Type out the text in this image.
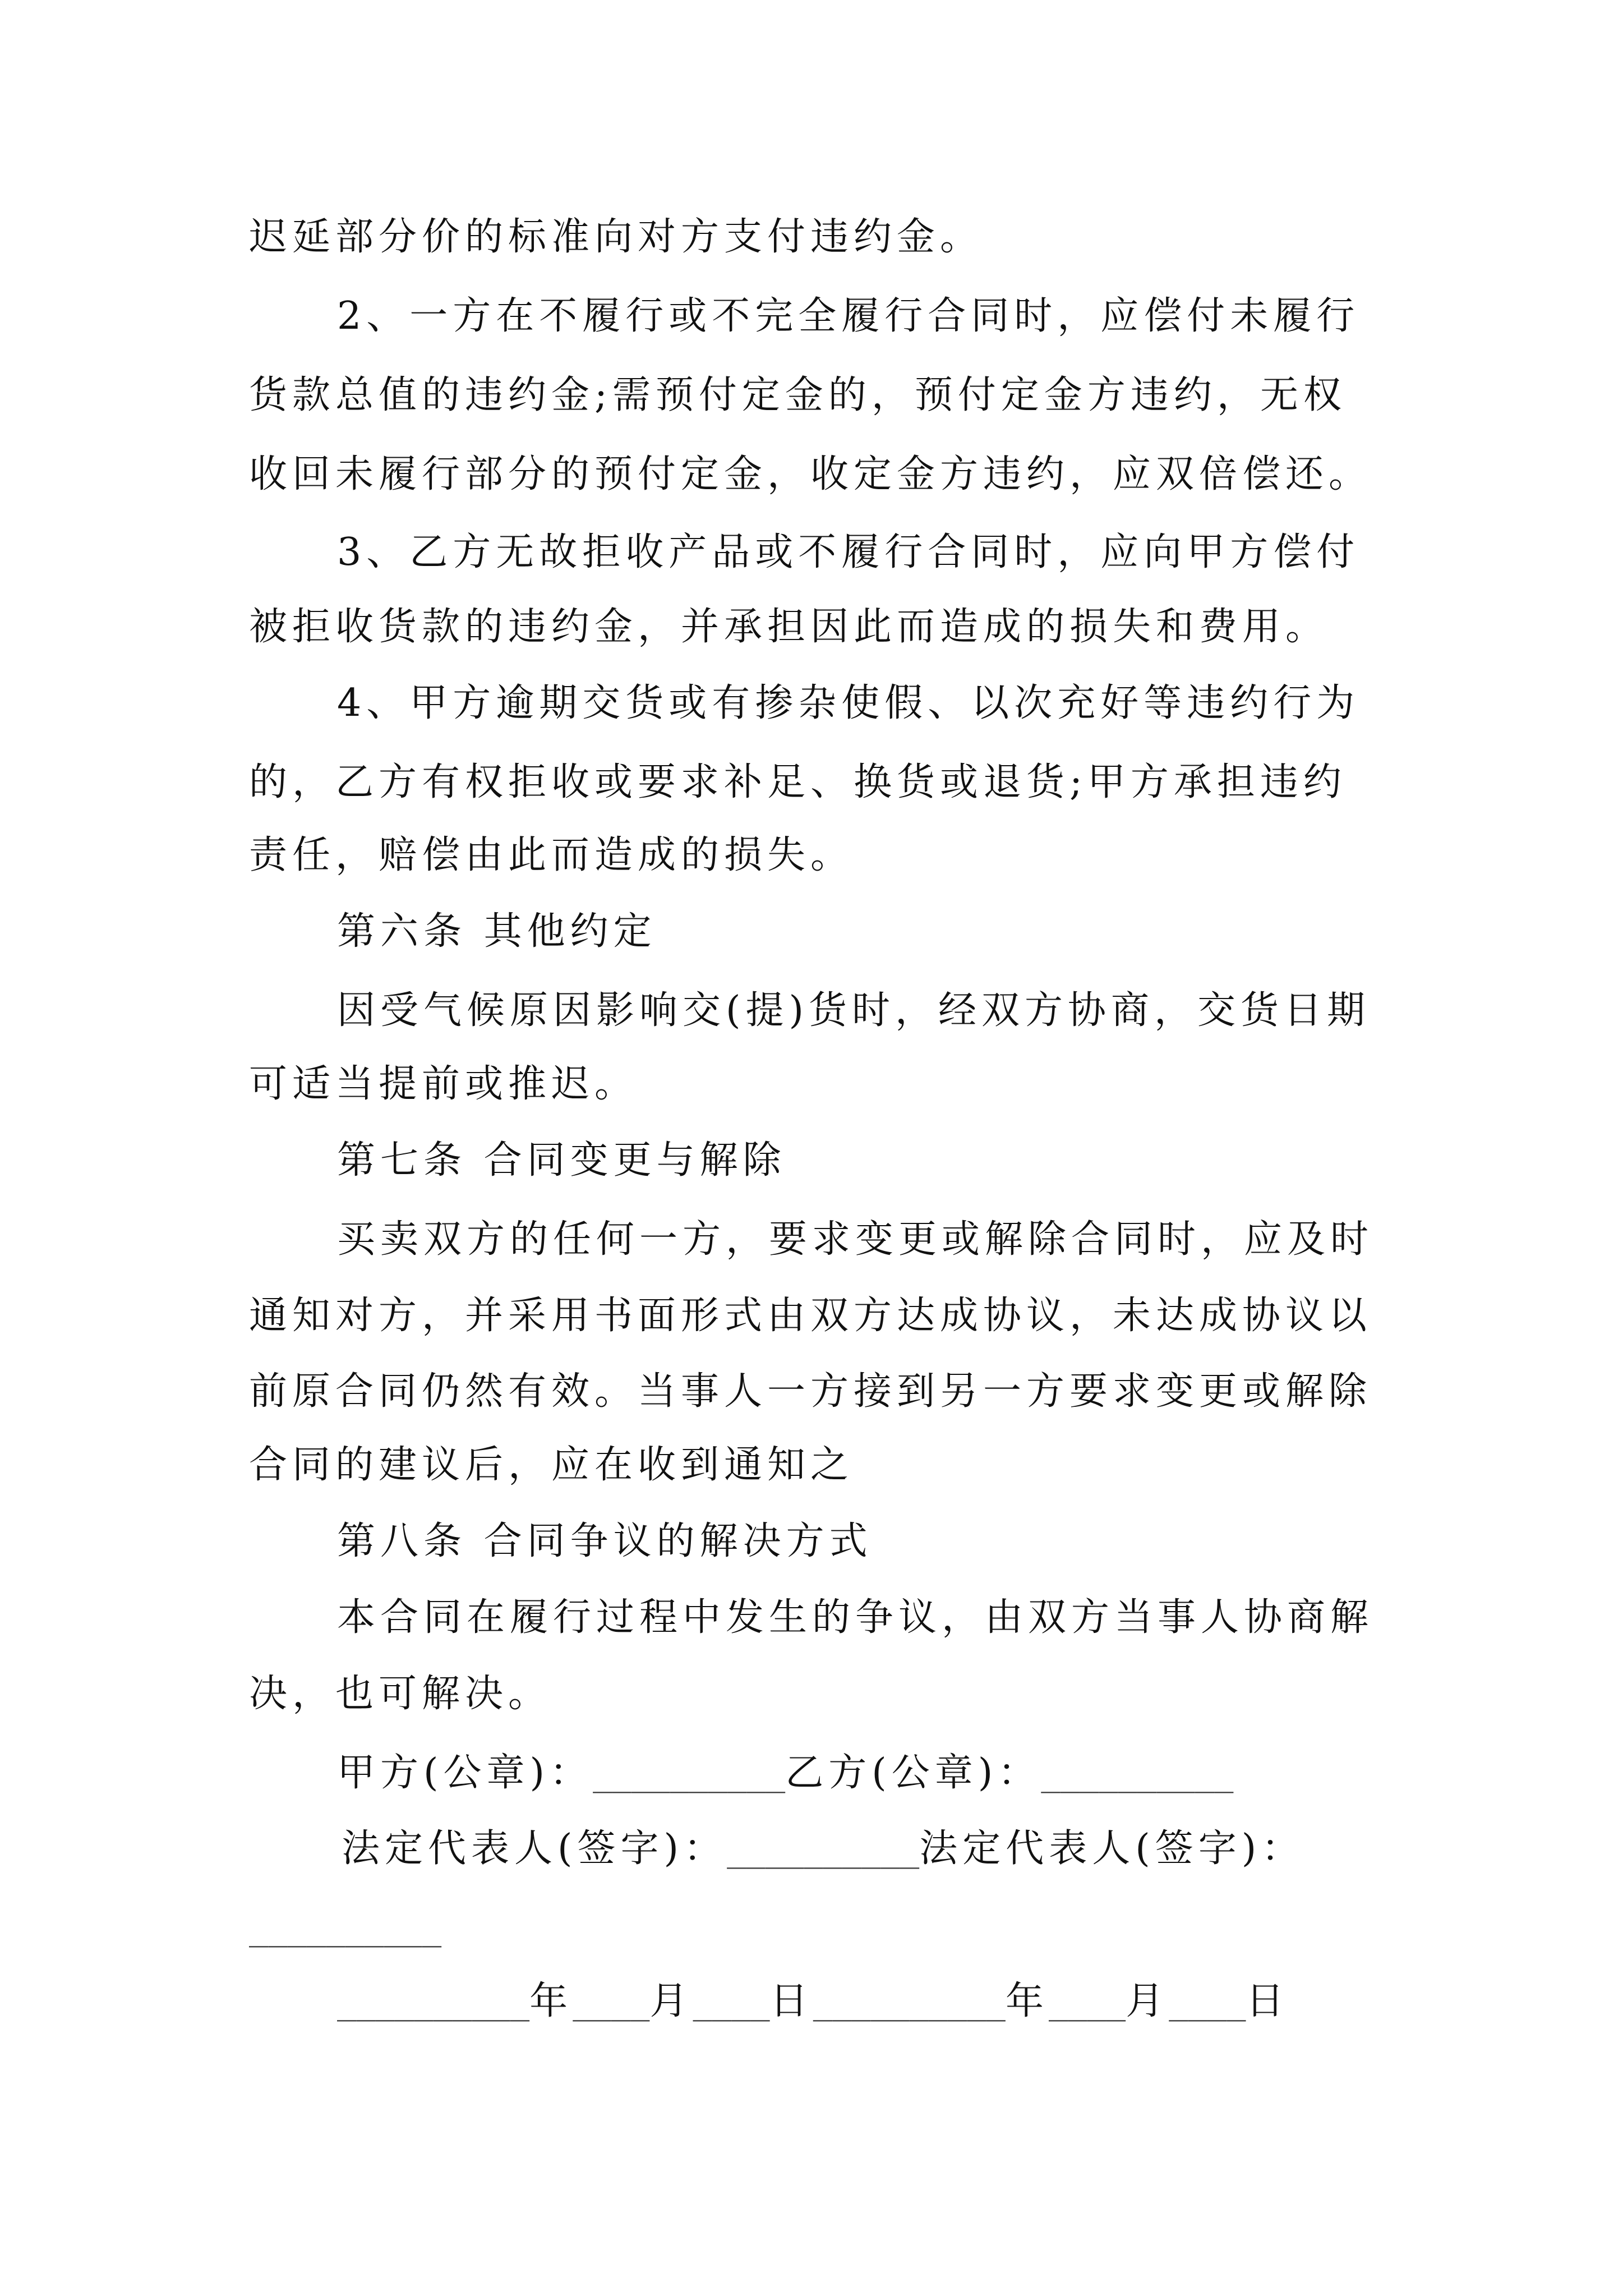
迟延部分价的标准向对方支付违约金。
2、一方在不履行或不完全履行合同时，应偿付未履行
货款总值的违约金;需预付定金的，预付定金方违约，无权
收回未履行部分的预付定金，收定金方违约，应双倍偿还。
3、乙方无故拒收产品或不履行合同时，应向甲方偿付
被拒收货款的违约金，并承担因此而造成的损失和费用。
4、甲方逾期交货或有掺杂使假、以次充好等违约行为
的，乙方有权拒收或要求补足、换货或退货;甲方承担违约
责任，赔偿由此而造成的损失。
第六条 其他约定
因受气候原因影响交(提)货时，经双方协商，交货日期
可适当提前或推迟。
第七条 合同变更与解除
买卖双方的任何一方，要求变更或解除合同时，应及时
通知对方，并采用书面形式由双方达成协议，未达成协议以
前原合同仍然有效。当事人一方接到另一方要求变更或解除
合同的建议后，应在收到通知之
第八条 合同争议的解决方式
本合同在履行过程中发生的争议，由双方当事人协商解
决，也可解决。
甲方(公章)：__________乙方(公章)：__________
法定代表人(签字)：__________法定代表人(签字)：
__________
__________年____月____日__________年____月____日
